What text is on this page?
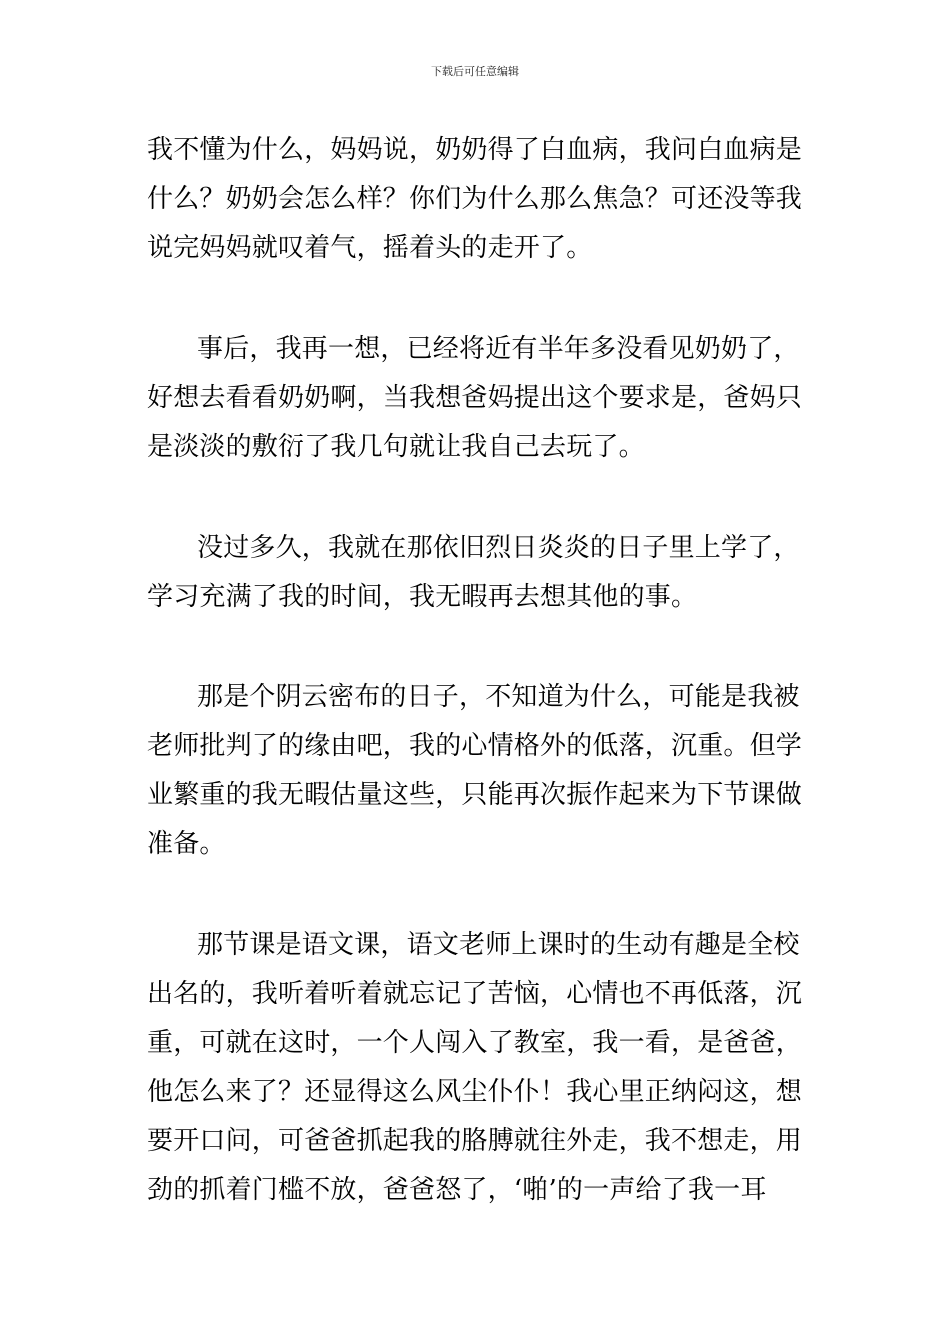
下载后可任意编辑
我不懂为什么，妈妈说，奶奶得了白血病，我问白血病是
什么？奶奶会怎么样？你们为什么那么焦急？可还没等我
说完妈妈就叹着气，摇着头的走开了。
事后，我再一想，已经将近有半年多没看见奶奶了，
好想去看看奶奶啊，当我想爸妈提出这个要求是，爸妈只
是淡淡的敷衍了我几句就让我自己去玩了。
没过多久，我就在那依旧烈日炎炎的日子里上学了，
学习充满了我的时间，我无暇再去想其他的事。
那是个阴云密布的日子，不知道为什么，可能是我被
老师批判了的缘由吧，我的心情格外的低落，沉重。但学
业繁重的我无暇估量这些，只能再次振作起来为下节课做
准备。
那节课是语文课，语文老师上课时的生动有趣是全校
出名的，我听着听着就忘记了苦恼，心情也不再低落，沉
重，可就在这时，一个人闯入了教室，我一看，是爸爸，
他怎么来了？还显得这么风尘仆仆！我心里正纳闷这，想
要开口问，可爸爸抓起我的胳膊就往外走，我不想走，用
劲的抓着门槛不放，爸爸怒了，‘啪’的一声给了我一耳
